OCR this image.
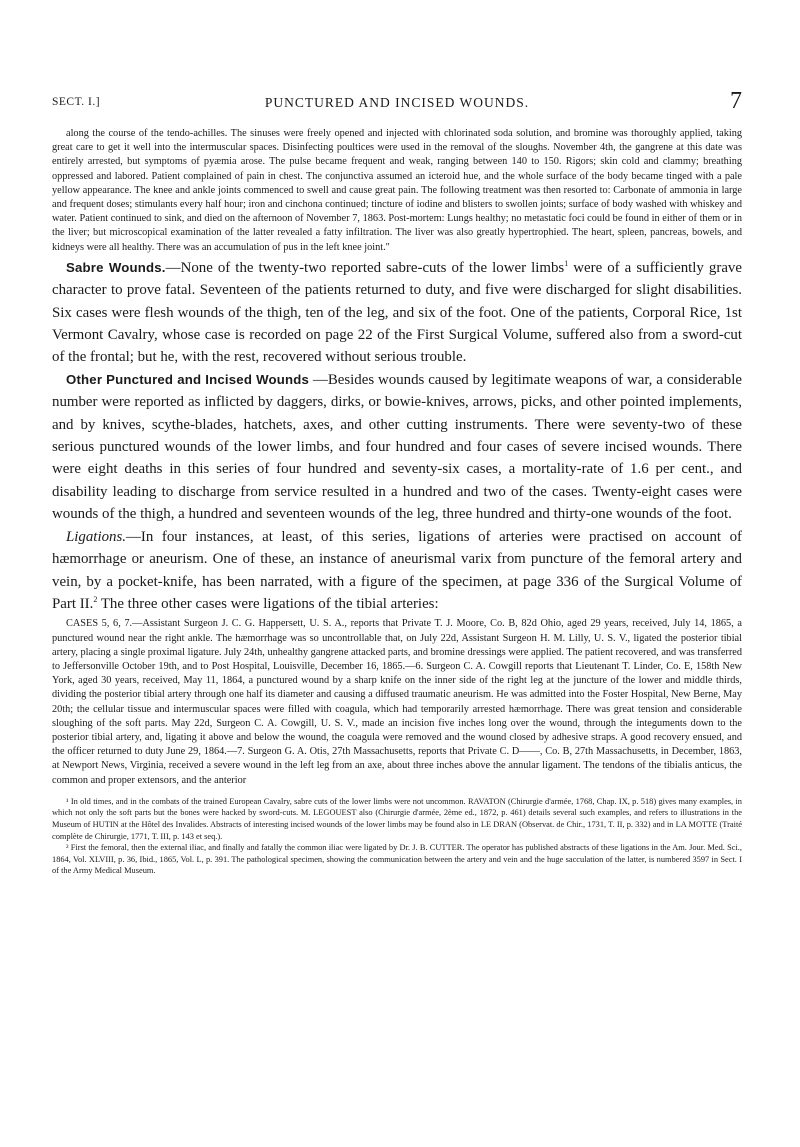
SECT. I.]	PUNCTURED AND INCISED WOUNDS.	7

along the course of the tendo-achilles. The sinuses were freely opened and injected with chlorinated soda solution, and bromine was thoroughly applied, taking great care to get it well into the intermuscular spaces. Disinfecting poultices were used in the removal of the sloughs. November 4th, the gangrene at this date was entirely arrested, but symptoms of pyæmia arose. The pulse became frequent and weak, ranging between 140 to 150. Rigors; skin cold and clammy; breathing oppressed and labored. Patient complained of pain in chest. The conjunctiva assumed an icteroid hue, and the whole surface of the body became tinged with a pale yellow appearance. The knee and ankle joints commenced to swell and cause great pain. The following treatment was then resorted to: Carbonate of ammonia in large and frequent doses; stimulants every half hour; iron and cinchona continued; tincture of iodine and blisters to swollen joints; surface of body washed with whiskey and water. Patient continued to sink, and died on the afternoon of November 7, 1863. Post-mortem: Lungs healthy; no metastatic foci could be found in either of them or in the liver; but microscopical examination of the latter revealed a fatty infiltration. The liver was also greatly hypertrophied. The heart, spleen, pancreas, bowels, and kidneys were all healthy. There was an accumulation of pus in the left knee joint."

Sabre Wounds.—None of the twenty-two reported sabre-cuts of the lower limbs$^1$ were of a sufficiently grave character to prove fatal. Seventeen of the patients returned to duty, and five were discharged for slight disabilities. Six cases were flesh wounds of the thigh, ten of the leg, and six of the foot. One of the patients, Corporal Rice, 1st Vermont Cavalry, whose case is recorded on page 22 of the First Surgical Volume, suffered also from a sword-cut of the frontal; but he, with the rest, recovered without serious trouble.

Other Punctured and Incised Wounds —Besides wounds caused by legitimate weapons of war, a considerable number were reported as inflicted by daggers, dirks, or bowie-knives, arrows, picks, and other pointed implements, and by knives, scythe-blades, hatchets, axes, and other cutting instruments. There were seventy-two of these serious punctured wounds of the lower limbs, and four hundred and four cases of severe incised wounds. There were eight deaths in this series of four hundred and seventy-six cases, a mortality-rate of 1.6 per cent., and disability leading to discharge from service resulted in a hundred and two of the cases. Twenty-eight cases were wounds of the thigh, a hundred and seventeen wounds of the leg, three hundred and thirty-one wounds of the foot.

Ligations.—In four instances, at least, of this series, ligations of arteries were practised on account of hæmorrhage or aneurism. One of these, an instance of aneurismal varix from puncture of the femoral artery and vein, by a pocket-knife, has been narrated, with a figure of the specimen, at page 336 of the Surgical Volume of Part II.$^2$ The three other cases were ligations of the tibial arteries:

CASES 5, 6, 7.—Assistant Surgeon J. C. G. Happersett, U. S. A., reports that Private T. J. Moore, Co. B, 82d Ohio, aged 29 years, received, July 14, 1865, a punctured wound near the right ankle. The hæmorrhage was so uncontrollable that, on July 22d, Assistant Surgeon H. M. Lilly, U. S. V., ligated the posterior tibial artery, placing a single proximal ligature. July 24th, unhealthy gangrene attacked parts, and bromine dressings were applied. The patient recovered, and was transferred to Jeffersonville October 19th, and to Post Hospital, Louisville, December 16, 1865.—6. Surgeon C. A. Cowgill reports that Lieutenant T. Linder, Co. E, 158th New York, aged 30 years, received, May 11, 1864, a punctured wound by a sharp knife on the inner side of the right leg at the juncture of the lower and middle thirds, dividing the posterior tibial artery through one half its diameter and causing a diffused traumatic aneurism. He was admitted into the Foster Hospital, New Berne, May 20th; the cellular tissue and intermuscular spaces were filled with coagula, which had temporarily arrested hæmorrhage. There was great tension and considerable sloughing of the soft parts. May 22d, Surgeon C. A. Cowgill, U. S. V., made an incision five inches long over the wound, through the integuments down to the posterior tibial artery, and, ligating it above and below the wound, the coagula were removed and the wound closed by adhesive straps. A good recovery ensued, and the officer returned to duty June 29, 1864.—7. Surgeon G. A. Otis, 27th Massachusetts, reports that Private C. D——, Co. B, 27th Massachusetts, in December, 1863, at Newport News, Virginia, received a severe wound in the left leg from an axe, about three inches above the annular ligament. The tendons of the tibialis anticus, the common and proper extensors, and the anterior

¹ In old times, and in the combats of the trained European Cavalry, sabre cuts of the lower limbs were not uncommon. RAVATON (Chirurgie d'armée, 1768, Chap. IX, p. 518) gives many examples, in which not only the soft parts but the bones were hacked by sword-cuts. M. LEGOUEST also (Chirurgie d'armée, 2ème ed., 1872, p. 461) details several such examples, and refers to illustrations in the Museum of HUTIN at the Hôtel des Invalides. Abstracts of interesting incised wounds of the lower limbs may be found also in LE DRAN (Observat. de Chir., 1731, T. II, p. 332) and in LA MOTTE (Traité complète de Chirurgie, 1771, T. III, p. 143 et seq.).

² First the femoral, then the external iliac, and finally and fatally the common iliac were ligated by Dr. J. B. CUTTER. The operator has published abstracts of these ligations in the Am. Jour. Med. Sci., 1864, Vol. XLVIII, p. 36, Ibid., 1865, Vol. L, p. 391. The pathological specimen, showing the communication between the artery and vein and the huge sacculation of the latter, is numbered 3597 in Sect. I of the Army Medical Museum.
